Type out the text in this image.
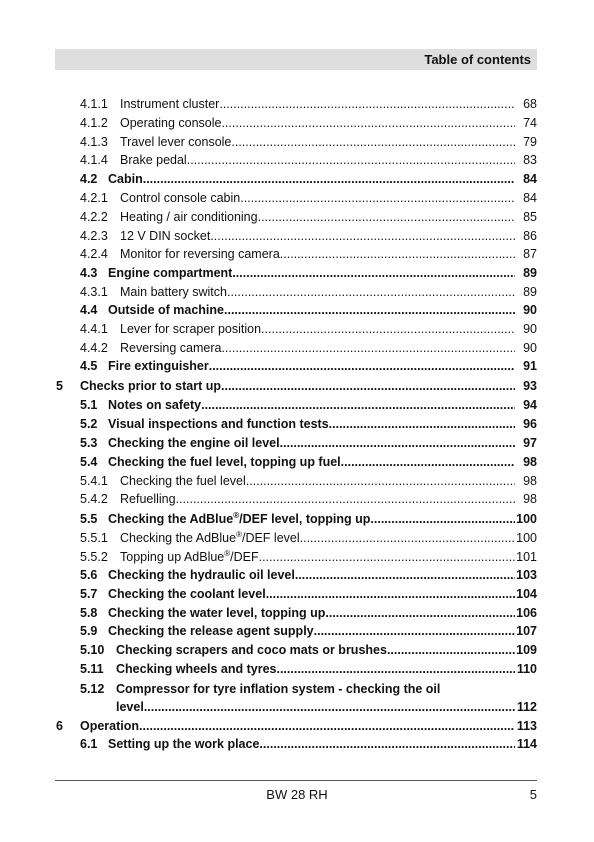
Table of contents
4.1.1 Instrument cluster .....	68
4.1.2 Operating console .....	74
4.1.3 Travel lever console .....	79
4.1.4 Brake pedal .....	83
4.2 Cabin .....	84
4.2.1 Control console cabin .....	84
4.2.2 Heating / air conditioning .....	85
4.2.3 12 V DIN socket .....	86
4.2.4 Monitor for reversing camera .....	87
4.3 Engine compartment .....	89
4.3.1 Main battery switch .....	89
4.4 Outside of machine .....	90
4.4.1 Lever for scraper position .....	90
4.4.2 Reversing camera .....	90
4.5 Fire extinguisher .....	91
5 Checks prior to start up .....	93
5.1 Notes on safety .....	94
5.2 Visual inspections and function tests .....	96
5.3 Checking the engine oil level .....	97
5.4 Checking the fuel level, topping up fuel .....	98
5.4.1 Checking the fuel level .....	98
5.4.2 Refuelling .....	98
5.5 Checking the AdBlue®/DEF level, topping up .....	100
5.5.1 Checking the AdBlue®/DEF level .....	100
5.5.2 Topping up AdBlue®/DEF .....	101
5.6 Checking the hydraulic oil level .....	103
5.7 Checking the coolant level .....	104
5.8 Checking the water level, topping up .....	106
5.9 Checking the release agent supply .....	107
5.10 Checking scrapers and coco mats or brushes .....	109
5.11 Checking wheels and tyres .....	110
5.12 Compressor for tyre inflation system - checking the oil
level .....	112
6 Operation .....	113
6.1 Setting up the work place .....	114
BW 28 RH	5
